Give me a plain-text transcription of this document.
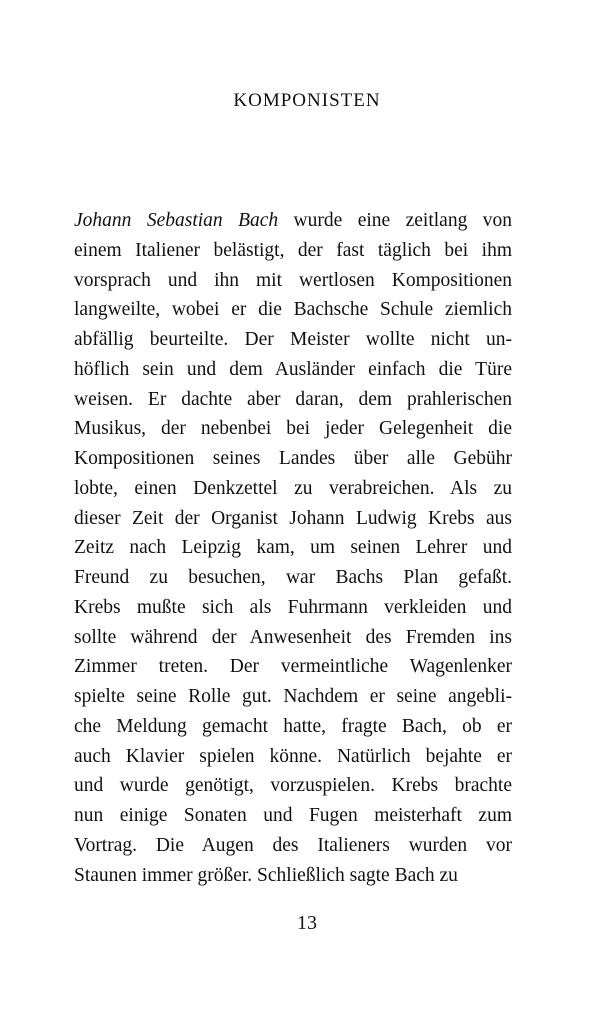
KOMPONISTEN
Johann Sebastian Bach wurde eine zeitlang von
einem Italiener belästigt, der fast täglich bei ihm
vorsprach und ihn mit wertlosen Kompositionen
langweilte, wobei er die Bachsche Schule ziemlich
abfällig beurteilte. Der Meister wollte nicht un-
höflich sein und dem Ausländer einfach die Türe
weisen. Er dachte aber daran, dem prahlerischen
Musikus, der nebenbei bei jeder Gelegenheit die
Kompositionen seines Landes über alle Gebühr
lobte, einen Denkzettel zu verabreichen. Als zu
dieser Zeit der Organist Johann Ludwig Krebs aus
Zeitz nach Leipzig kam, um seinen Lehrer und
Freund zu besuchen, war Bachs Plan gefaßt.
Krebs mußte sich als Fuhrmann verkleiden und
sollte während der Anwesenheit des Fremden ins
Zimmer treten. Der vermeintliche Wagenlenker
spielte seine Rolle gut. Nachdem er seine angebli-
che Meldung gemacht hatte, fragte Bach, ob er
auch Klavier spielen könne. Natürlich bejahte er
und wurde genötigt, vorzuspielen. Krebs brachte
nun einige Sonaten und Fugen meisterhaft zum
Vortrag. Die Augen des Italieners wurden vor
Staunen immer größer. Schließlich sagte Bach zu
13
